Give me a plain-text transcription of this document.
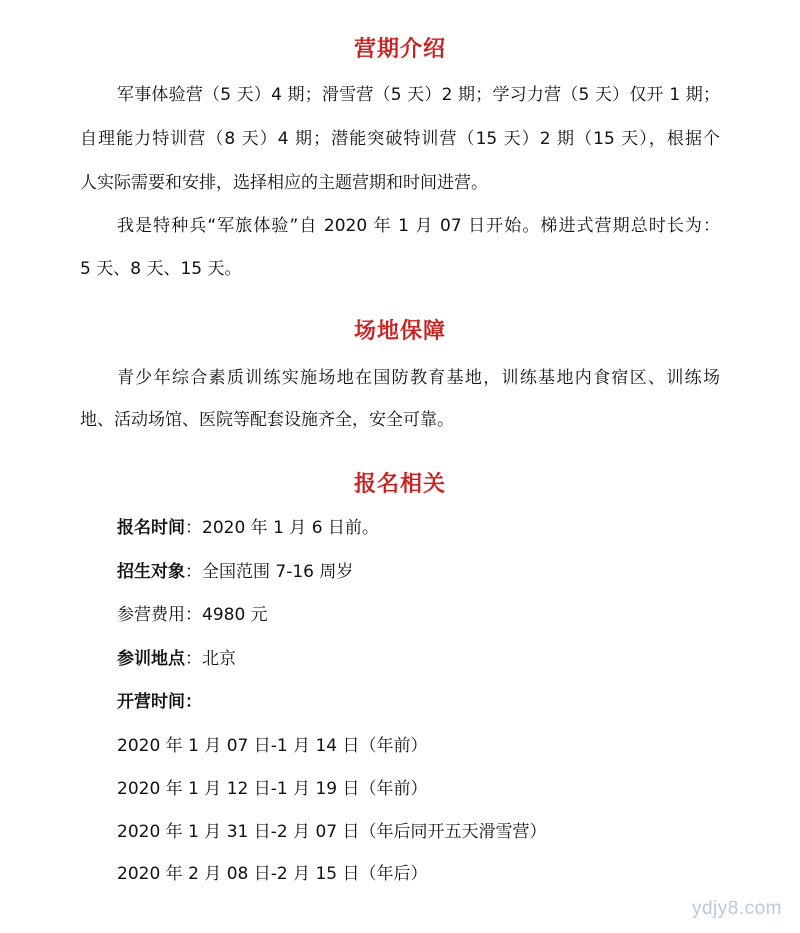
营期介绍
军事体验营（5 天）4 期；滑雪营（5 天）2 期；学习力营（5 天）仅开 1 期；
自理能力特训营（8 天）4 期；潜能突破特训营（15 天）2 期（15 天），根据个
人实际需要和安排，选择相应的主题营期和时间进营。
我是特种兵“军旅体验”自 2020 年 1 月 07 日开始。梯进式营期总时长为：
5 天、8 天、15 天。
场地保障
青少年综合素质训练实施场地在国防教育基地，训练基地内食宿区、训练场
地、活动场馆、医院等配套设施齐全，安全可靠。
报名相关
报名时间：2020 年 1 月 6 日前。
招生对象：全国范围 7-16 周岁
参营费用：4980 元
参训地点：北京
开营时间：
2020 年 1 月 07 日-1 月 14 日（年前）
2020 年 1 月 12 日-1 月 19 日（年前）
2020 年 1 月 31 日-2 月 07 日（年后同开五天滑雪营）
2020 年 2 月 08 日-2 月 15 日（年后）
ydjy8.com
